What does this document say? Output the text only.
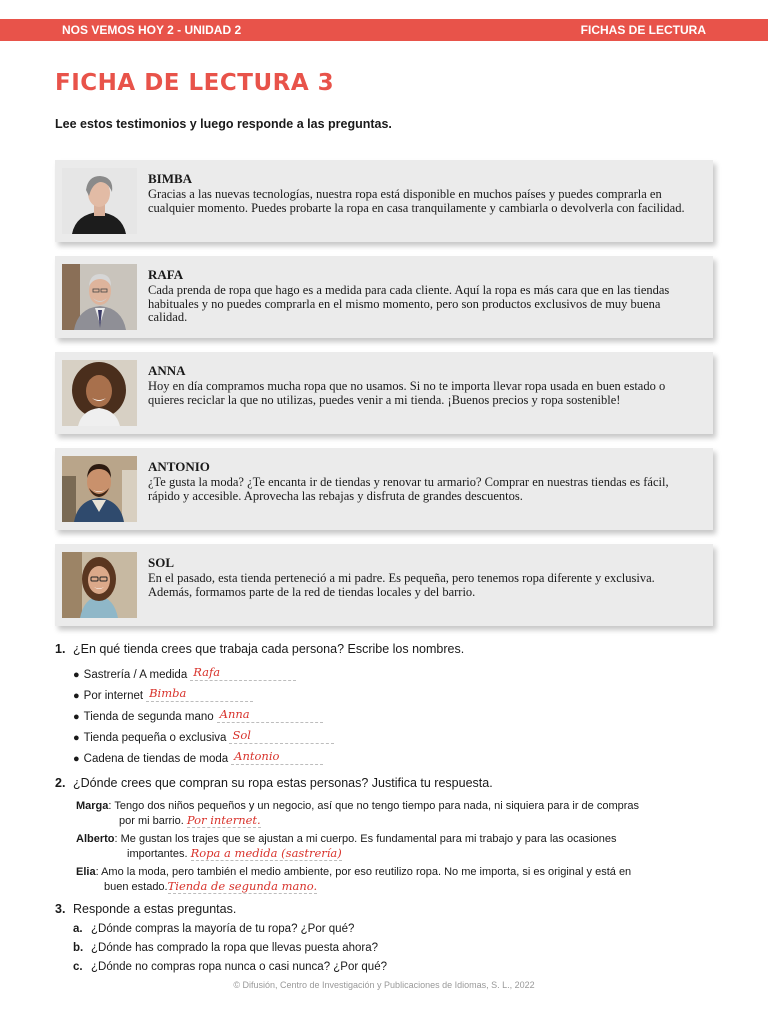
NOS VEMOS HOY 2 - UNIDAD 2	FICHAS DE LECTURA
FICHA DE LECTURA 3
Lee estos testimonios y luego responde a las preguntas.
BIMBA
Gracias a las nuevas tecnologías, nuestra ropa está disponible en muchos países y puedes comprarla en cualquier momento. Puedes probarte la ropa en casa tranquilamente y cambiarla o devolverla con facilidad.
RAFA
Cada prenda de ropa que hago es a medida para cada cliente. Aquí la ropa es más cara que en las tiendas habituales y no puedes comprarla en el mismo momento, pero son productos exclusivos de muy buena calidad.
ANNA
Hoy en día compramos mucha ropa que no usamos. Si no te importa llevar ropa usada en buen estado o quieres reciclar la que no utilizas, puedes venir a mi tienda. ¡Buenos precios y ropa sostenible!
ANTONIO
¿Te gusta la moda? ¿Te encanta ir de tiendas y renovar tu armario? Comprar en nuestras tiendas es fácil, rápido y accesible. Aprovecha las rebajas y disfruta de grandes descuentos.
SOL
En el pasado, esta tienda perteneció a mi padre. Es pequeña, pero tenemos ropa diferente y exclusiva. Además, formamos parte de la red de tiendas locales y del barrio.
1. ¿En qué tienda crees que trabaja cada persona? Escribe los nombres.
● Sastrería / A medida Rafa
● Por internet Bimba
● Tienda de segunda mano Anna
● Tienda pequeña o exclusiva Sol
● Cadena de tiendas de moda Antonio
2. ¿Dónde crees que compran su ropa estas personas? Justifica tu respuesta.
Marga: Tengo dos niños pequeños y un negocio, así que no tengo tiempo para nada, ni siquiera para ir de compras
por mi barrio. Por internet.
Alberto: Me gustan los trajes que se ajustan a mi cuerpo. Es fundamental para mi trabajo y para las ocasiones
importantes. Ropa a medida (sastrería)
Elia: Amo la moda, pero también el medio ambiente, por eso reutilizo ropa. No me importa, si es original y está en
buen estado.Tienda de segunda mano.
3. Responde a estas preguntas.
a. ¿Dónde compras la mayoría de tu ropa? ¿Por qué?
b. ¿Dónde has comprado la ropa que llevas puesta ahora?
c. ¿Dónde no compras ropa nunca o casi nunca? ¿Por qué?
© Difusión, Centro de Investigación y Publicaciones de Idiomas, S. L., 2022
